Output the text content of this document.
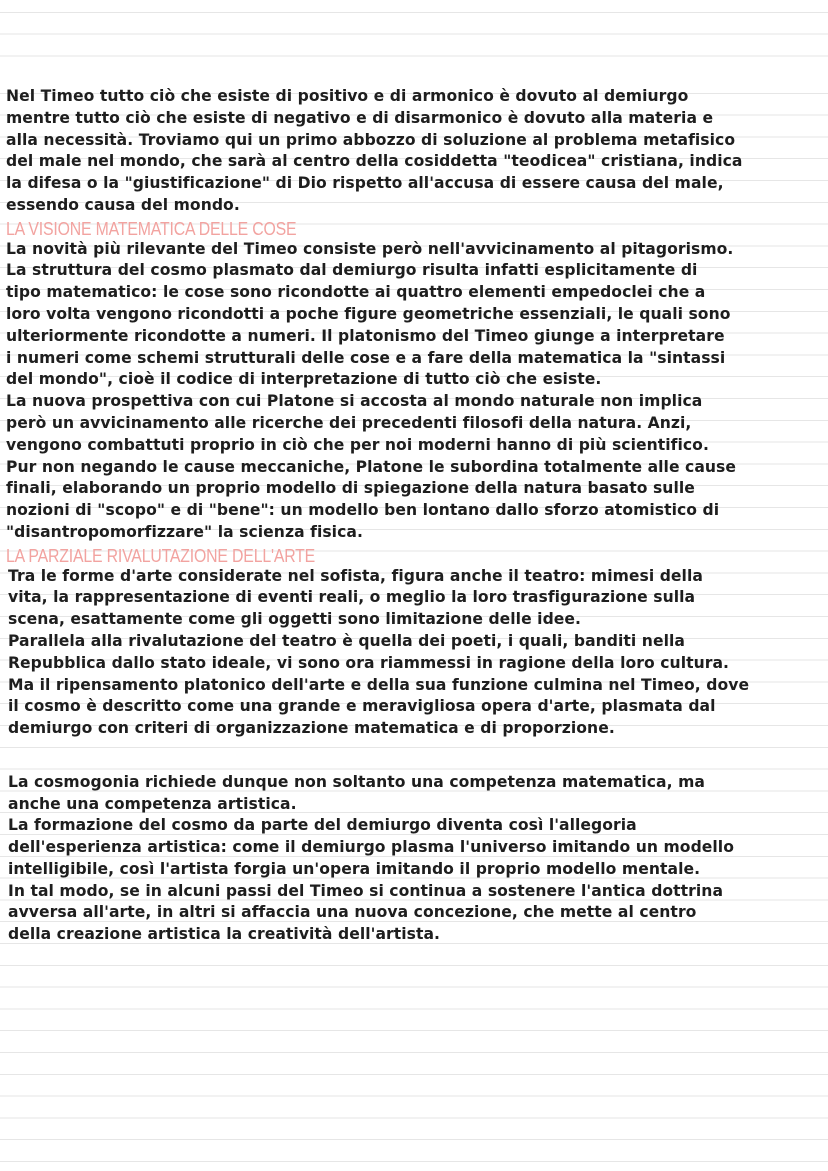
Nel Timeo tutto ciò che esiste di positivo e di armonico è dovuto al demiurgo
mentre tutto ciò che esiste di negativo e di disarmonico è dovuto alla materia e
alla necessità. Troviamo qui un primo abbozzo di soluzione al problema metafisico
del male nel mondo, che sarà al centro della cosiddetta "teodicea" cristiana, indica
la difesa o la "giustificazione" di Dio rispetto all'accusa di essere causa del male,
essendo causa del mondo.
LA VISIONE MATEMATICA DELLE COSE
La novità più rilevante del Timeo consiste però nell'avvicinamento al pitagorismo.
La struttura del cosmo plasmato dal demiurgo risulta infatti esplicitamente di
tipo matematico: le cose sono ricondotte ai quattro elementi empedoclei che a
loro volta vengono ricondotti a poche figure geometriche essenziali, le quali sono
ulteriormente ricondotte a numeri. Il platonismo del Timeo giunge a interpretare
i numeri come schemi strutturali delle cose e a fare della matematica la "sintassi
del mondo", cioè il codice di interpretazione di tutto ciò che esiste.
La nuova prospettiva con cui Platone si accosta al mondo naturale non implica
però un avvicinamento alle ricerche dei precedenti filosofi della natura. Anzi,
vengono combattuti proprio in ciò che per noi moderni hanno di più scientifico.
Pur non negando le cause meccaniche, Platone le subordina totalmente alle cause
finali, elaborando un proprio modello di spiegazione della natura basato sulle
nozioni di "scopo" e di "bene": un modello ben lontano dallo sforzo atomistico di
"disantropomorfizzare" la scienza fisica.
LA PARZIALE RIVALUTAZIONE DELL'ARTE
Tra le forme d'arte considerate nel sofista, figura anche il teatro: mimesi della
vita, la rappresentazione di eventi reali, o meglio la loro trasfigurazione sulla
scena, esattamente come gli oggetti sono limitazione delle idee.
Parallela alla rivalutazione del teatro è quella dei poeti, i quali, banditi nella
Repubblica dallo stato ideale, vi sono ora riammessi in ragione della loro cultura.
Ma il ripensamento platonico dell'arte e della sua funzione culmina nel Timeo, dove
il cosmo è descritto come una grande e meravigliosa opera d'arte, plasmata dal
demiurgo con criteri di organizzazione matematica e di proporzione.
La cosmogonia richiede dunque non soltanto una competenza matematica, ma
anche una competenza artistica.
La formazione del cosmo da parte del demiurgo diventa così l'allegoria
dell'esperienza artistica: come il demiurgo plasma l'universo imitando un modello
intelligibile, così l'artista forgia un'opera imitando il proprio modello mentale.
In tal modo, se in alcuni passi del Timeo si continua a sostenere l'antica dottrina
avversa all'arte, in altri si affaccia una nuova concezione, che mette al centro
della creazione artistica la creatività dell'artista.
